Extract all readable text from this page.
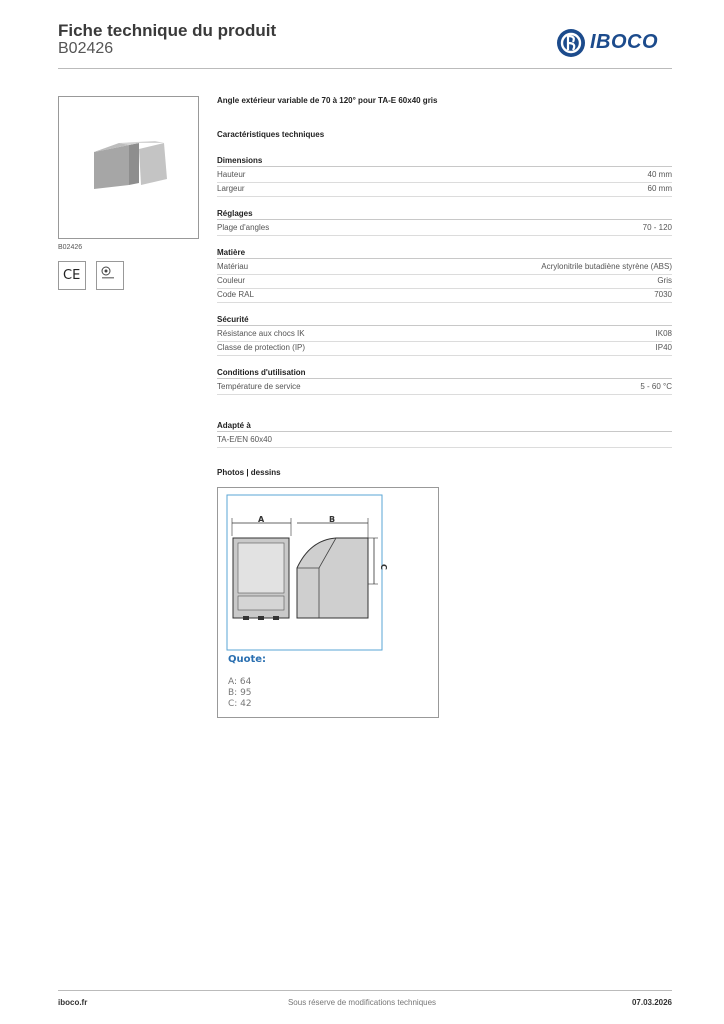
Fiche technique du produit
B02426	IBOCO
B02426
CE
Angle extérieur variable de 70 à 120° pour TA-E 60x40 gris
Caractéristiques techniques
Dimensions
Hauteur	40 mm
Largeur	60 mm
Réglages
Plage d'angles	70 - 120
Matière
Matériau	Acrylonitrile butadiène styrène (ABS)
Couleur	Gris
Code RAL	7030
Sécurité
Résistance aux chocs IK	IK08
Classe de protection (IP)	IP40
Conditions d'utilisation
Température de service	5 - 60 °C
Adapté à
TA-E/EN 60x40
Photos | dessins
A	B
C
Quote:
A: 64
B: 95
C: 42
iboco.fr	Sous réserve de modifications techniques	07.03.2026
